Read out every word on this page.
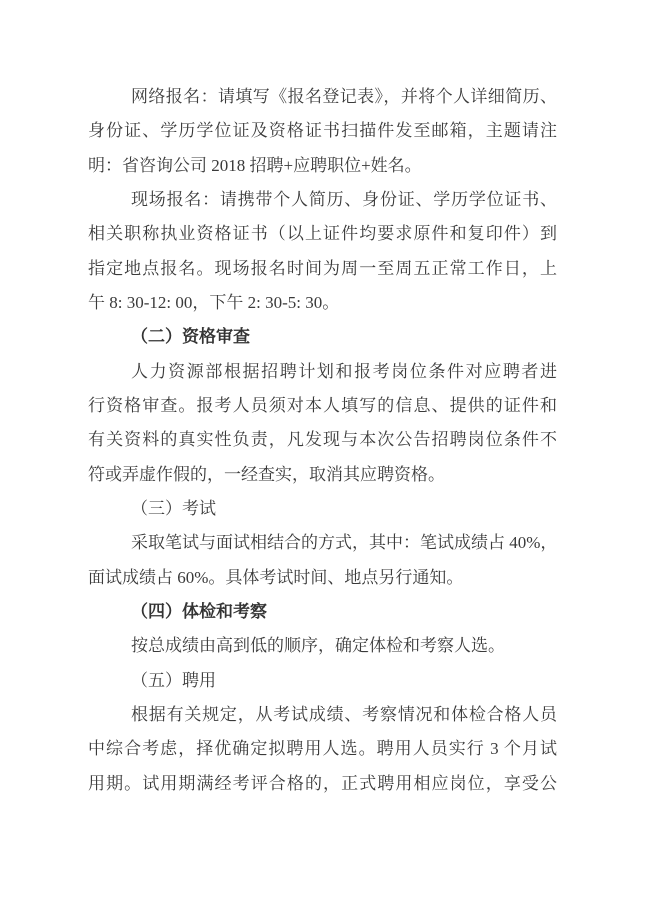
网络报名：请填写《报名登记表》，并将个人详细简历、
身份证、学历学位证及资格证书扫描件发至邮箱，主题请注
明：省咨询公司 2018 招聘+应聘职位+姓名。
现场报名：请携带个人简历、身份证、学历学位证书、
相关职称执业资格证书（以上证件均要求原件和复印件）到
指定地点报名。现场报名时间为周一至周五正常工作日，上
午 8: 30-12: 00，下午 2: 30-5: 30。
（二）资格审查
人力资源部根据招聘计划和报考岗位条件对应聘者进
行资格审查。报考人员须对本人填写的信息、提供的证件和
有关资料的真实性负责，凡发现与本次公告招聘岗位条件不
符或弄虚作假的，一经查实，取消其应聘资格。
（三）考试
采取笔试与面试相结合的方式，其中：笔试成绩占 40%，
面试成绩占 60%。具体考试时间、地点另行通知。
（四）体检和考察
按总成绩由高到低的顺序，确定体检和考察人选。
（五）聘用
根据有关规定，从考试成绩、考察情况和体检合格人员
中综合考虑，择优确定拟聘用人选。聘用人员实行 3 个月试
用期。试用期满经考评合格的，正式聘用相应岗位，享受公
